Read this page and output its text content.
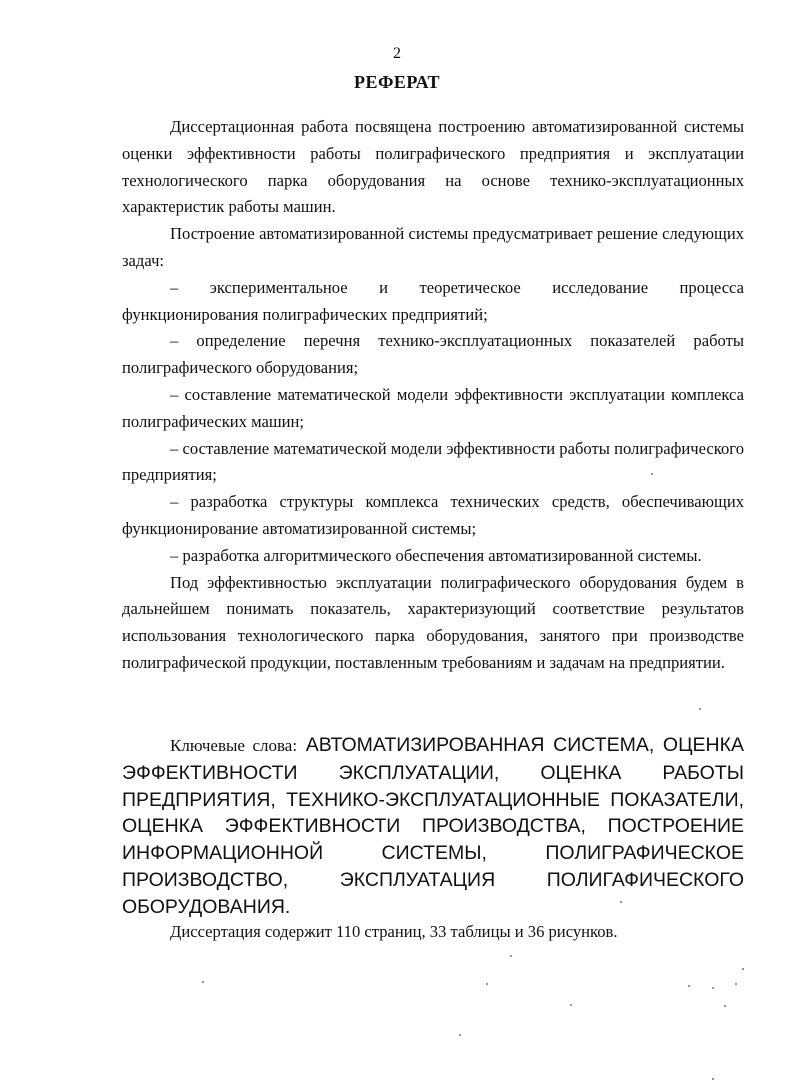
2
РЕФЕРАТ

Диссертационная работа посвящена построению автоматизированной системы оценки эффективности работы полиграфического предприятия и эксплуатации технологического парка оборудования на основе технико-эксплуатационных характеристик работы машин.

Построение автоматизированной системы предусматривает решение следующих задач:

– экспериментальное и теоретическое исследование процесса функционирования полиграфических предприятий;

– определение перечня технико-эксплуатационных показателей работы полиграфического оборудования;

– составление математической модели эффективности эксплуатации комплекса полиграфических машин;

– составление математической модели эффективности работы полиграфического предприятия;

– разработка структуры комплекса технических средств, обеспечивающих функционирование автоматизированной системы;

– разработка алгоритмического обеспечения автоматизированной системы.

Под эффективностью эксплуатации полиграфического оборудования будем в дальнейшем понимать показатель, характеризующий соответствие результатов использования технологического парка оборудования, занятого при производстве полиграфической продукции, поставленным требованиям и задачам на предприятии.

Ключевые слова: АВТОМАТИЗИРОВАННАЯ СИСТЕМА, ОЦЕНКА ЭФФЕКТИВНОСТИ ЭКСПЛУАТАЦИИ, ОЦЕНКА РАБОТЫ ПРЕДПРИЯТИЯ, ТЕХНИКО-ЭКСПЛУАТАЦИОННЫЕ ПОКАЗАТЕЛИ, ОЦЕНКА ЭФФЕКТИВНОСТИ ПРОИЗВОДСТВА, ПОСТРОЕНИЕ ИНФОРМАЦИОННОЙ СИСТЕМЫ, ПОЛИГРАФИЧЕСКОЕ ПРОИЗВОДСТВО, ЭКСПЛУАТАЦИЯ ПОЛИГАФИЧЕСКОГО ОБОРУДОВАНИЯ.

Диссертация содержит 110 страниц, 33 таблицы и 36 рисунков.
